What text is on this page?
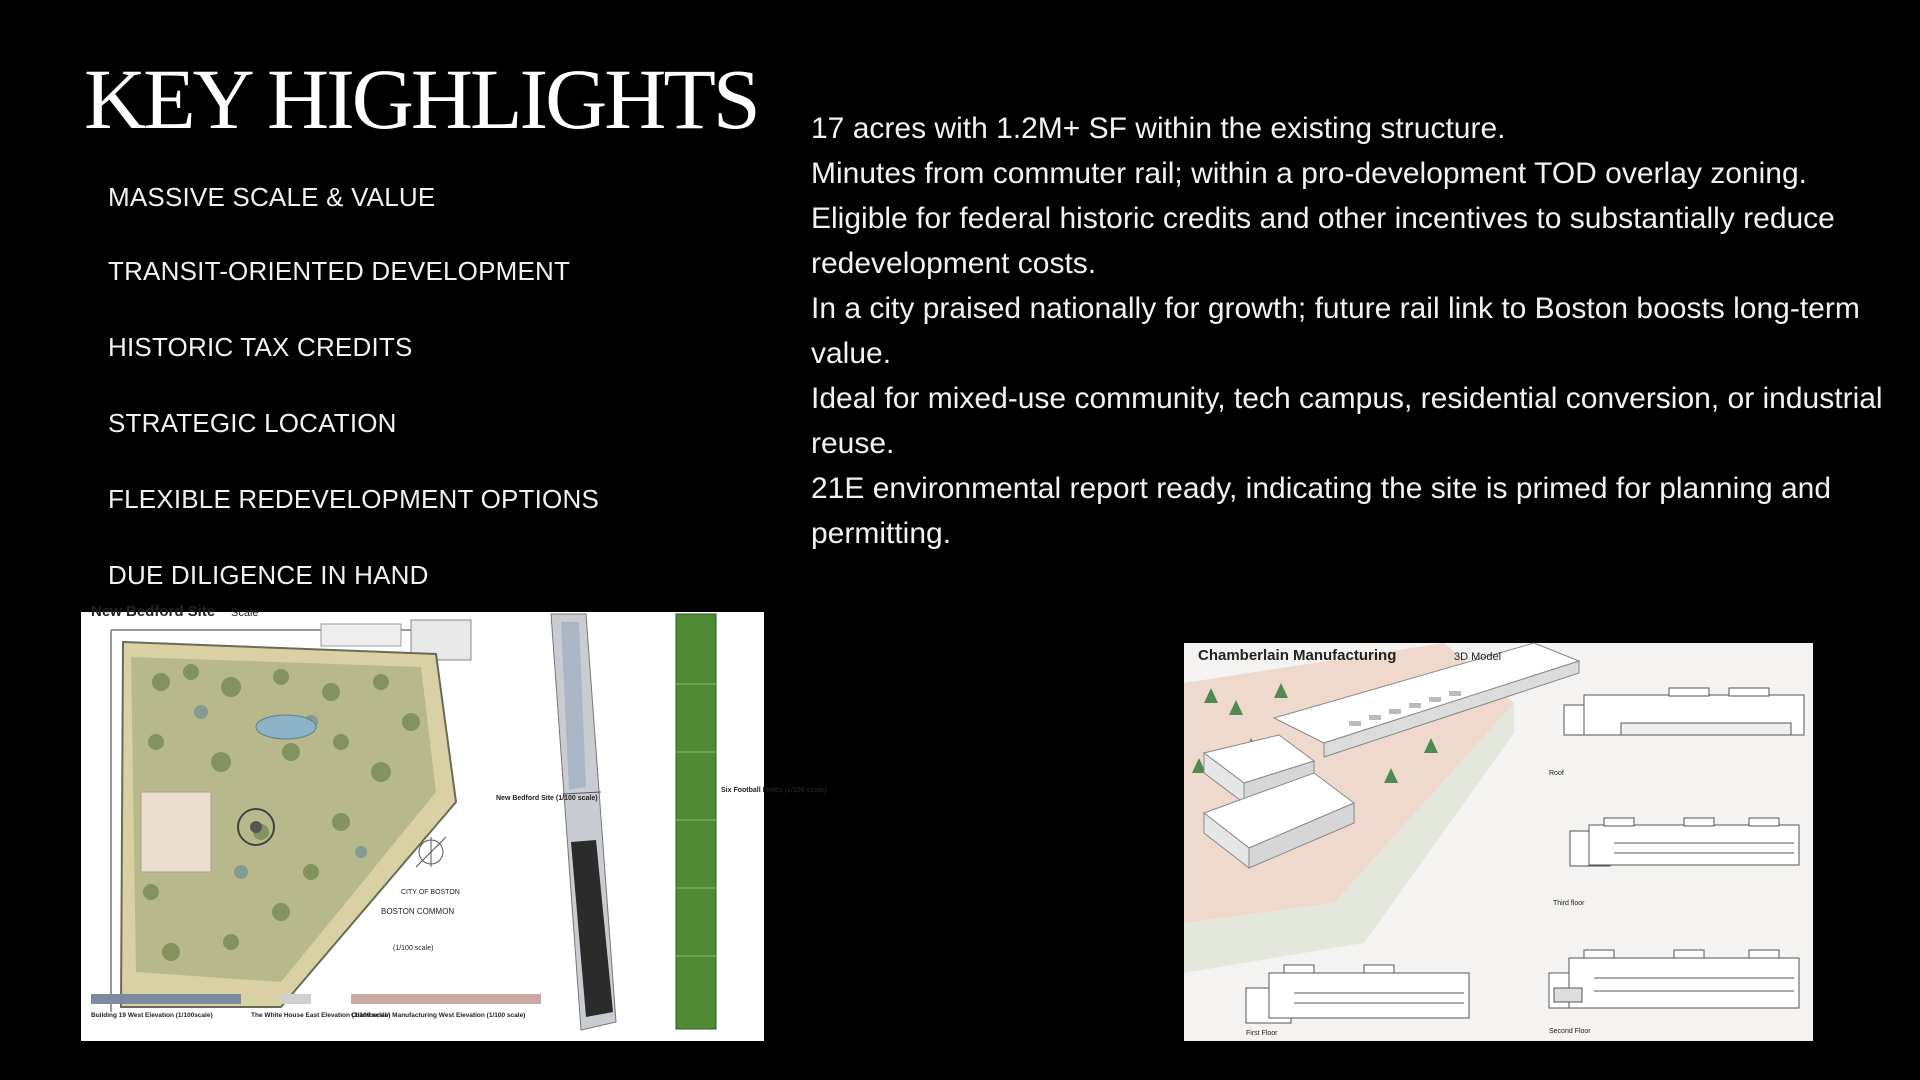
KEY HIGHLIGHTS
MASSIVE SCALE & VALUE
TRANSIT-ORIENTED DEVELOPMENT
HISTORIC TAX CREDITS
STRATEGIC LOCATION
FLEXIBLE REDEVELOPMENT OPTIONS
DUE DILIGENCE IN HAND

17 acres with 1.2M+ SF within the existing structure.

Minutes from commuter rail; within a pro-development TOD overlay zoning.

Eligible for federal historic credits and other incentives to substantially reduce redevelopment costs.

In a city praised nationally for growth; future rail link to Boston boosts long-term value.

Ideal for mixed-use community, tech campus, residential conversion, or industrial reuse.

21E environmental report ready, indicating the site is primed for planning and permitting.

CITY OF BOSTON
BOSTON COMMON
(1/100 scale)
New Bedford Site Scale
New Bedford Site (1/100 scale)
Six Football Fields (1/100 scale)
Building 19 West Elevation (1/100scale)	The White House East Elevation (1/100 scale)
Chamberlain Manufacturing West Elevation (1/100 scale)
Chamberlain Manufacturing	3D Model
Roof
Third floor
First Floor	Second Floor
